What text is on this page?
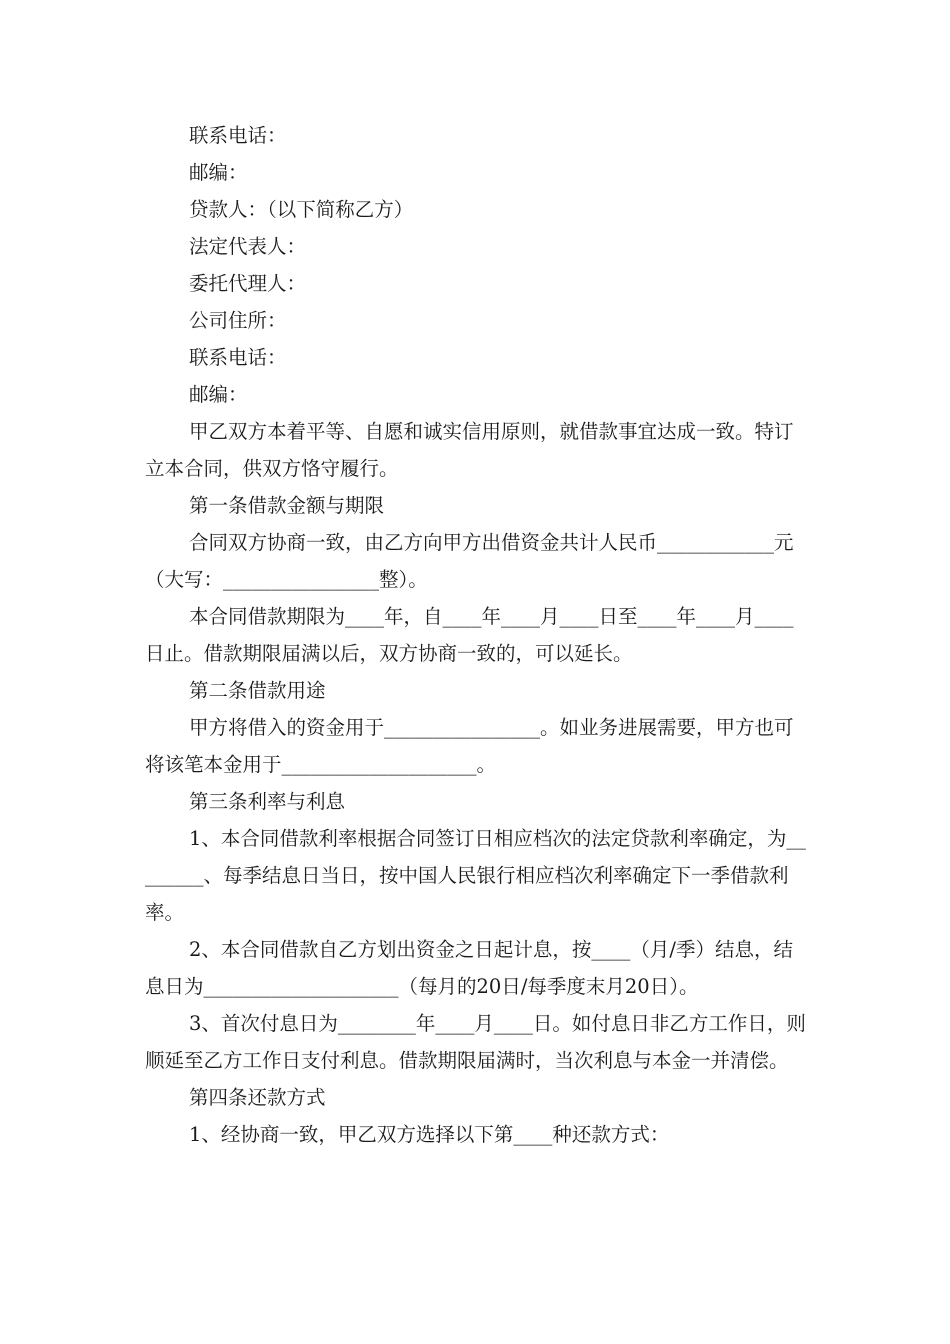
联系电话：

邮编：

贷款人：（以下简称乙方）

法定代表人：

委托代理人：

公司住所：

联系电话：

邮编：

甲乙双方本着平等、自愿和诚实信用原则，就借款事宜达成一致。特订立本合同，供双方恪守履行。

第一条借款金额与期限

合同双方协商一致，由乙方向甲方出借资金共计人民币____________元（大写：________________整）。

本合同借款期限为____年，自____年____月____日至____年____月____日止。借款期限届满以后，双方协商一致的，可以延长。

第二条借款用途

甲方将借入的资金用于________________。如业务进展需要，甲方也可将该笔本金用于____________________。

第三条利率与利息

1、本合同借款利率根据合同签订日相应档次的法定贷款利率确定，为________、每季结息日当日，按中国人民银行相应档次利率确定下一季借款利率。

2、本合同借款自乙方划出资金之日起计息，按____（月/季）结息，结息日为____________________（每月的20日/每季度末月20日）。

3、首次付息日为________年____月____日。如付息日非乙方工作日，则顺延至乙方工作日支付利息。借款期限届满时，当次利息与本金一并清偿。

第四条还款方式

1、经协商一致，甲乙双方选择以下第____种还款方式：
